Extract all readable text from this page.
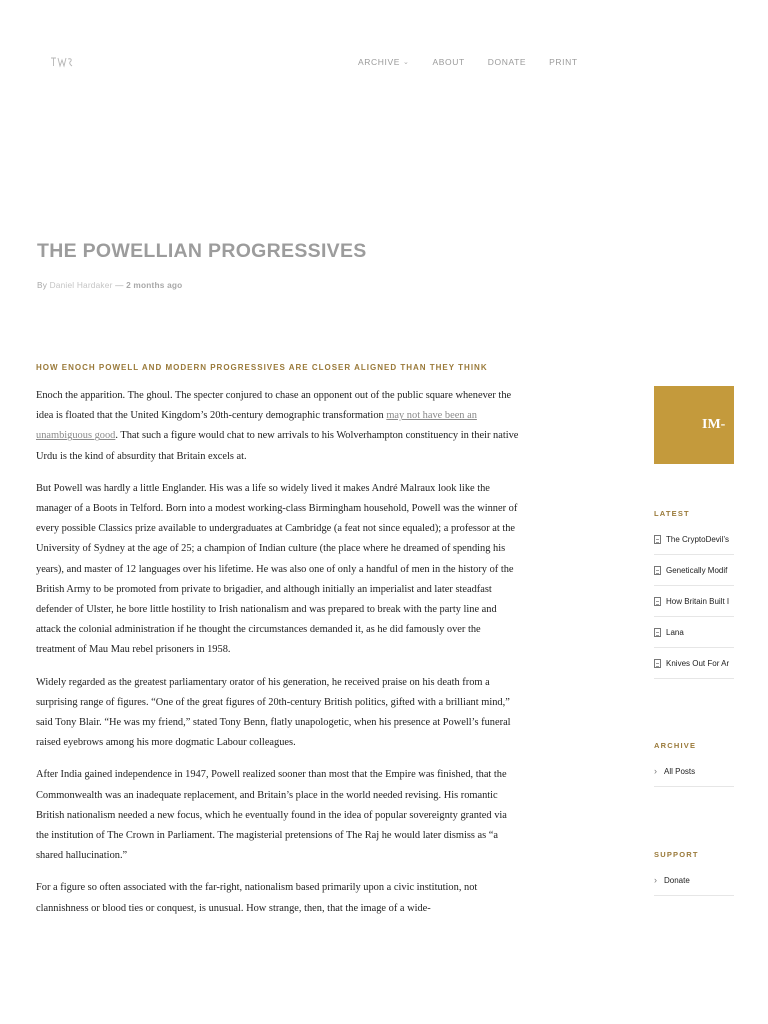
ARCHIVE ⌄	ABOUT	DONATE	PRINT
THE POWELLIAN PROGRESSIVES
By Daniel Hardaker — 2 months ago
HOW ENOCH POWELL AND MODERN PROGRESSIVES ARE CLOSER ALIGNED THAN THEY THINK

Enoch the apparition. The ghoul. The specter conjured to chase an opponent out of the public square whenever the idea is floated that the United Kingdom’s 20th-century demographic transformation may not have been an unambiguous good. That such a figure would chat to new arrivals to his Wolverhampton constituency in their native Urdu is the kind of absurdity that Britain excels at.

But Powell was hardly a little Englander. His was a life so widely lived it makes André Malraux look like the manager of a Boots in Telford. Born into a modest working-class Birmingham household, Powell was the winner of every possible Classics prize available to undergraduates at Cambridge (a feat not since equaled); a professor at the University of Sydney at the age of 25; a champion of Indian culture (the place where he dreamed of spending his years), and master of 12 languages over his lifetime. He was also one of only a handful of men in the history of the British Army to be promoted from private to brigadier, and although initially an imperialist and later steadfast defender of Ulster, he bore little hostility to Irish nationalism and was prepared to break with the party line and attack the colonial administration if he thought the circumstances demanded it, as he did famously over the treatment of Mau Mau rebel prisoners in 1958.

Widely regarded as the greatest parliamentary orator of his generation, he received praise on his death from a surprising range of figures. “One of the great figures of 20th-century British politics, gifted with a brilliant mind,” said Tony Blair. “He was my friend,” stated Tony Benn, flatly unapologetic, when his presence at Powell’s funeral raised eyebrows among his more dogmatic Labour colleagues.

After India gained independence in 1947, Powell realized sooner than most that the Empire was finished, that the Commonwealth was an inadequate replacement, and Britain’s place in the world needed revising. His romantic British nationalism needed a new focus, which he eventually found in the idea of popular sovereignty granted via the institution of The Crown in Parliament. The magisterial pretensions of The Raj he would later dismiss as “a shared hallucination.”

For a figure so often associated with the far-right, nationalism based primarily upon a civic institution, not clannishness or blood ties or conquest, is unusual. How strange, then, that the image of a wide-

IM-
LATEST
The CryptoDevil’s
Genetically Modif
How Britain Built I
Lana
Knives Out For Ar
ARCHIVE
› All Posts
SUPPORT
› Donate
